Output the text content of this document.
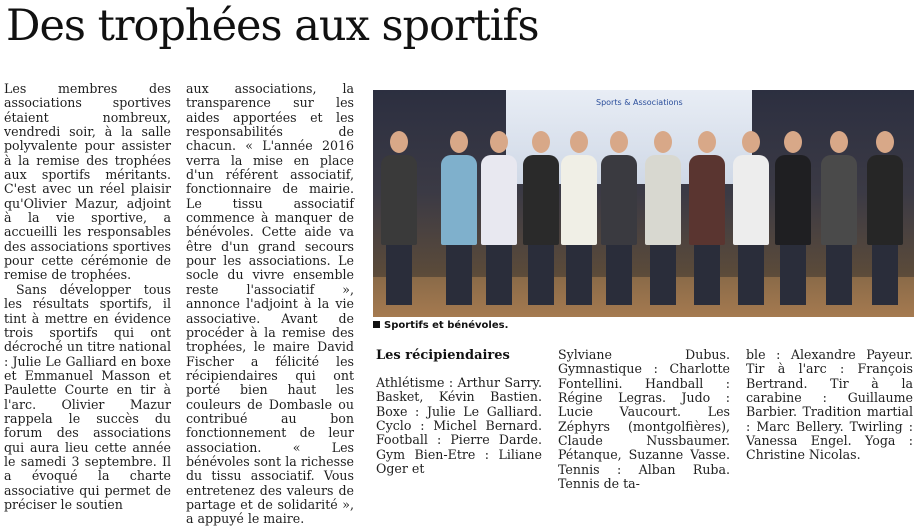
Des trophées aux sportifs

Les membres des associations sportives étaient nombreux, vendredi soir, à la salle polyvalente pour assister à la remise des trophées aux sportifs méritants. C'est avec un réel plaisir qu'Olivier Mazur, adjoint à la vie sportive, a accueilli les responsables des associations sportives pour cette cérémonie de remise de trophées.

Sans développer tous les résultats sportifs, il tint à mettre en évidence trois sportifs qui ont décroché un titre national : Julie Le Galliard en boxe et Emmanuel Masson et Paulette Courte en tir à l'arc. Olivier Mazur rappela le succès du forum des associations qui aura lieu cette année le samedi 3 septembre. Il a évoqué la charte associative qui permet de préciser le soutien

aux associations, la transparence sur les aides apportées et les responsabilités de chacun. « L'année 2016 verra la mise en place d'un référent associatif, fonctionnaire de mairie. Le tissu associatif commence à manquer de bénévoles. Cette aide va être d'un grand secours pour les associations. Le socle du vivre ensemble reste l'associatif », annonce l'adjoint à la vie associative. Avant de procéder à la remise des trophées, le maire David Fischer a félicité les récipiendaires qui ont porté bien haut les couleurs de Dombasle ou contribué au bon fonctionnement de leur association. « Les bénévoles sont la richesse du tissu associatif. Vous entretenez des valeurs de partage et de solidarité », a appuyé le maire.

Sports & Associations
Sportifs et bénévoles.
Les récipiendaires

Athlétisme : Arthur Sarry. Basket, Kévin Bastien. Boxe : Julie Le Galliard. Cyclo : Michel Bernard. Football : Pierre Darde. Gym Bien-Etre : Liliane Oger et

Sylviane Dubus. Gymnastique : Charlotte Fontellini. Handball : Régine Legras. Judo : Lucie Vaucourt. Les Zéphyrs (montgolfières), Claude Nussbaumer. Pétanque, Suzanne Vasse. Tennis : Alban Ruba. Tennis de ta-

ble : Alexandre Payeur. Tir à l'arc : François Bertrand. Tir à la carabine : Guillaume Barbier. Tradition martial : Marc Bellery. Twirling : Vanessa Engel. Yoga : Christine Nicolas.
